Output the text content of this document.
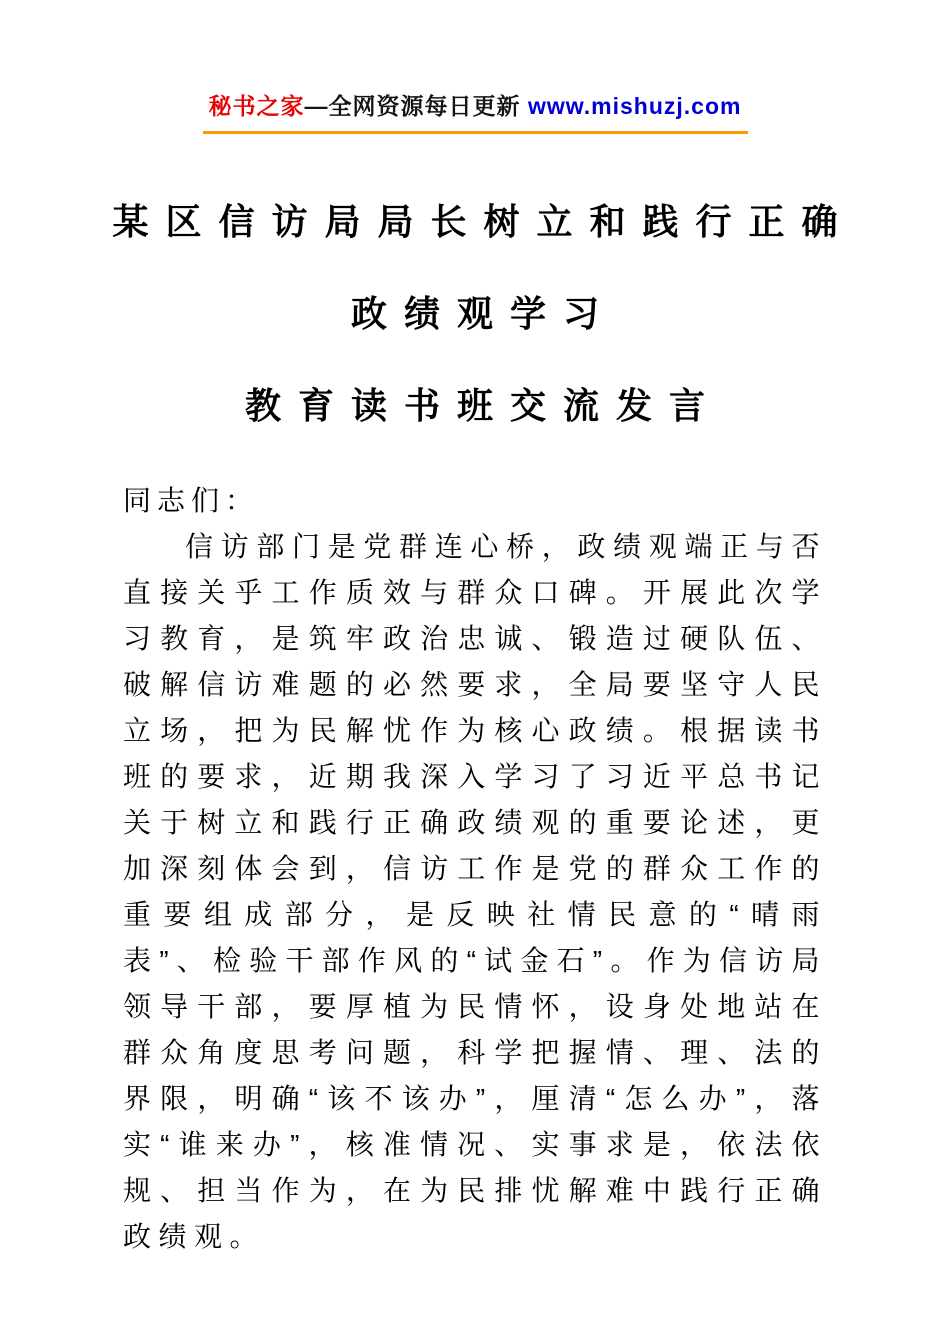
秘书之家—全网资源每日更新 www.mishuzj.com
某区信访局局长树立和践行正确
政绩观学习
教育读书班交流发言

同志们：

信访部门是党群连心桥，政绩观端正与否直接关乎工作质效与群众口碑。开展此次学习教育，是筑牢政治忠诚、锻造过硬队伍、破解信访难题的必然要求，全局要坚守人民立场，把为民解忧作为核心政绩。根据读书班的要求，近期我深入学习了习近平总书记关于树立和践行正确政绩观的重要论述，更加深刻体会到，信访工作是党的群众工作的重要组成部分，是反映社情民意的“晴雨表”、检验干部作风的“试金石”。作为信访局领导干部，要厚植为民情怀，设身处地站在群众角度思考问题，科学把握情、理、法的界限，明确“该不该办”，厘清“怎么办”，落实“谁来办”，核准情况、实事求是，依法依规、担当作为，在为民排忧解难中践行正确政绩观。
